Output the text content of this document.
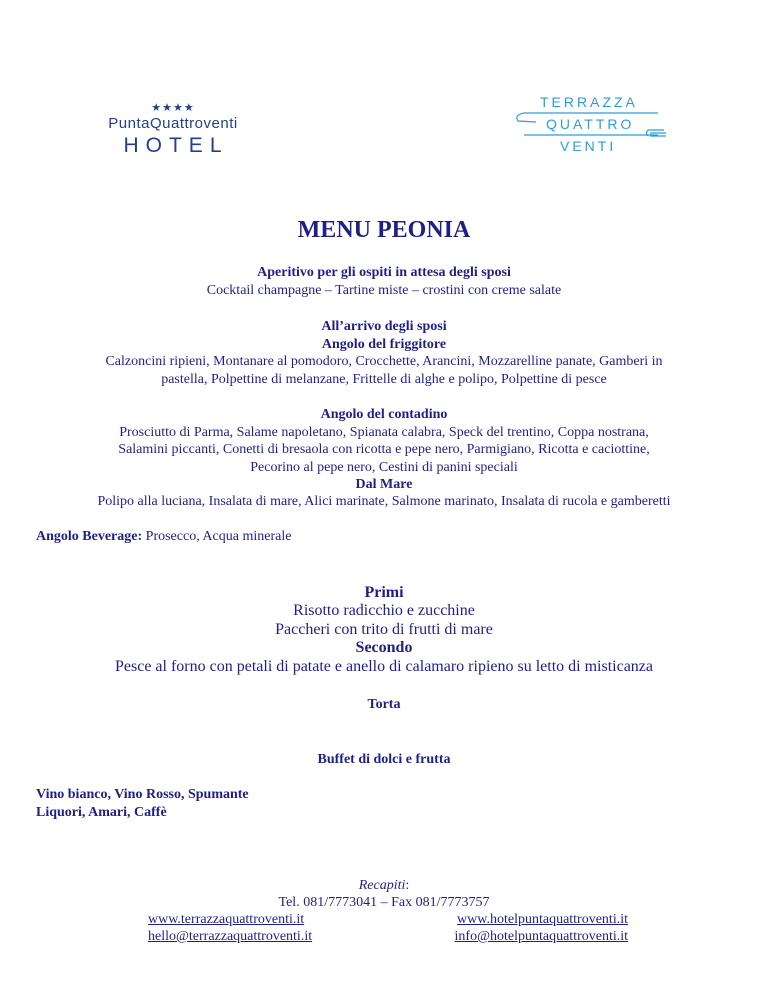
★★★★
PuntaQuattroventi
HOTEL
TERRAZZA
QUATTRO
VENTI
MENU PEONIA
Aperitivo per gli ospiti in attesa degli sposi
Cocktail champagne – Tartine miste – crostini con creme salate
All’arrivo degli sposi
Angolo del friggitore
Calzoncini ripieni, Montanare al pomodoro, Crocchette, Arancini, Mozzarelline panate, Gamberi in
pastella, Polpettine di melanzane, Frittelle di alghe e polipo, Polpettine di pesce
Angolo del contadino
Prosciutto di Parma, Salame napoletano, Spianata calabra, Speck del trentino, Coppa nostrana,
Salamini piccanti, Conetti di bresaola con ricotta e pepe nero, Parmigiano, Ricotta e caciottine,
Pecorino al pepe nero, Cestini di panini speciali
Dal Mare
Polipo alla luciana, Insalata di mare, Alici marinate, Salmone marinato, Insalata di rucola e gamberetti
Angolo Beverage: Prosecco, Acqua minerale
Primi
Risotto radicchio e zucchine
Paccheri con trito di frutti di mare
Secondo
Pesce al forno con petali di patate e anello di calamaro ripieno su letto di misticanza
Torta
Buffet di dolci e frutta
Vino bianco, Vino Rosso, Spumante
Liquori, Amari, Caffè
Recapiti:
Tel. 081/7773041 – Fax 081/7773757
www.terrazzaquattroventi.it	www.hotelpuntaquattroventi.it
hello@terrazzaquattroventi.it	info@hotelpuntaquattroventi.it
